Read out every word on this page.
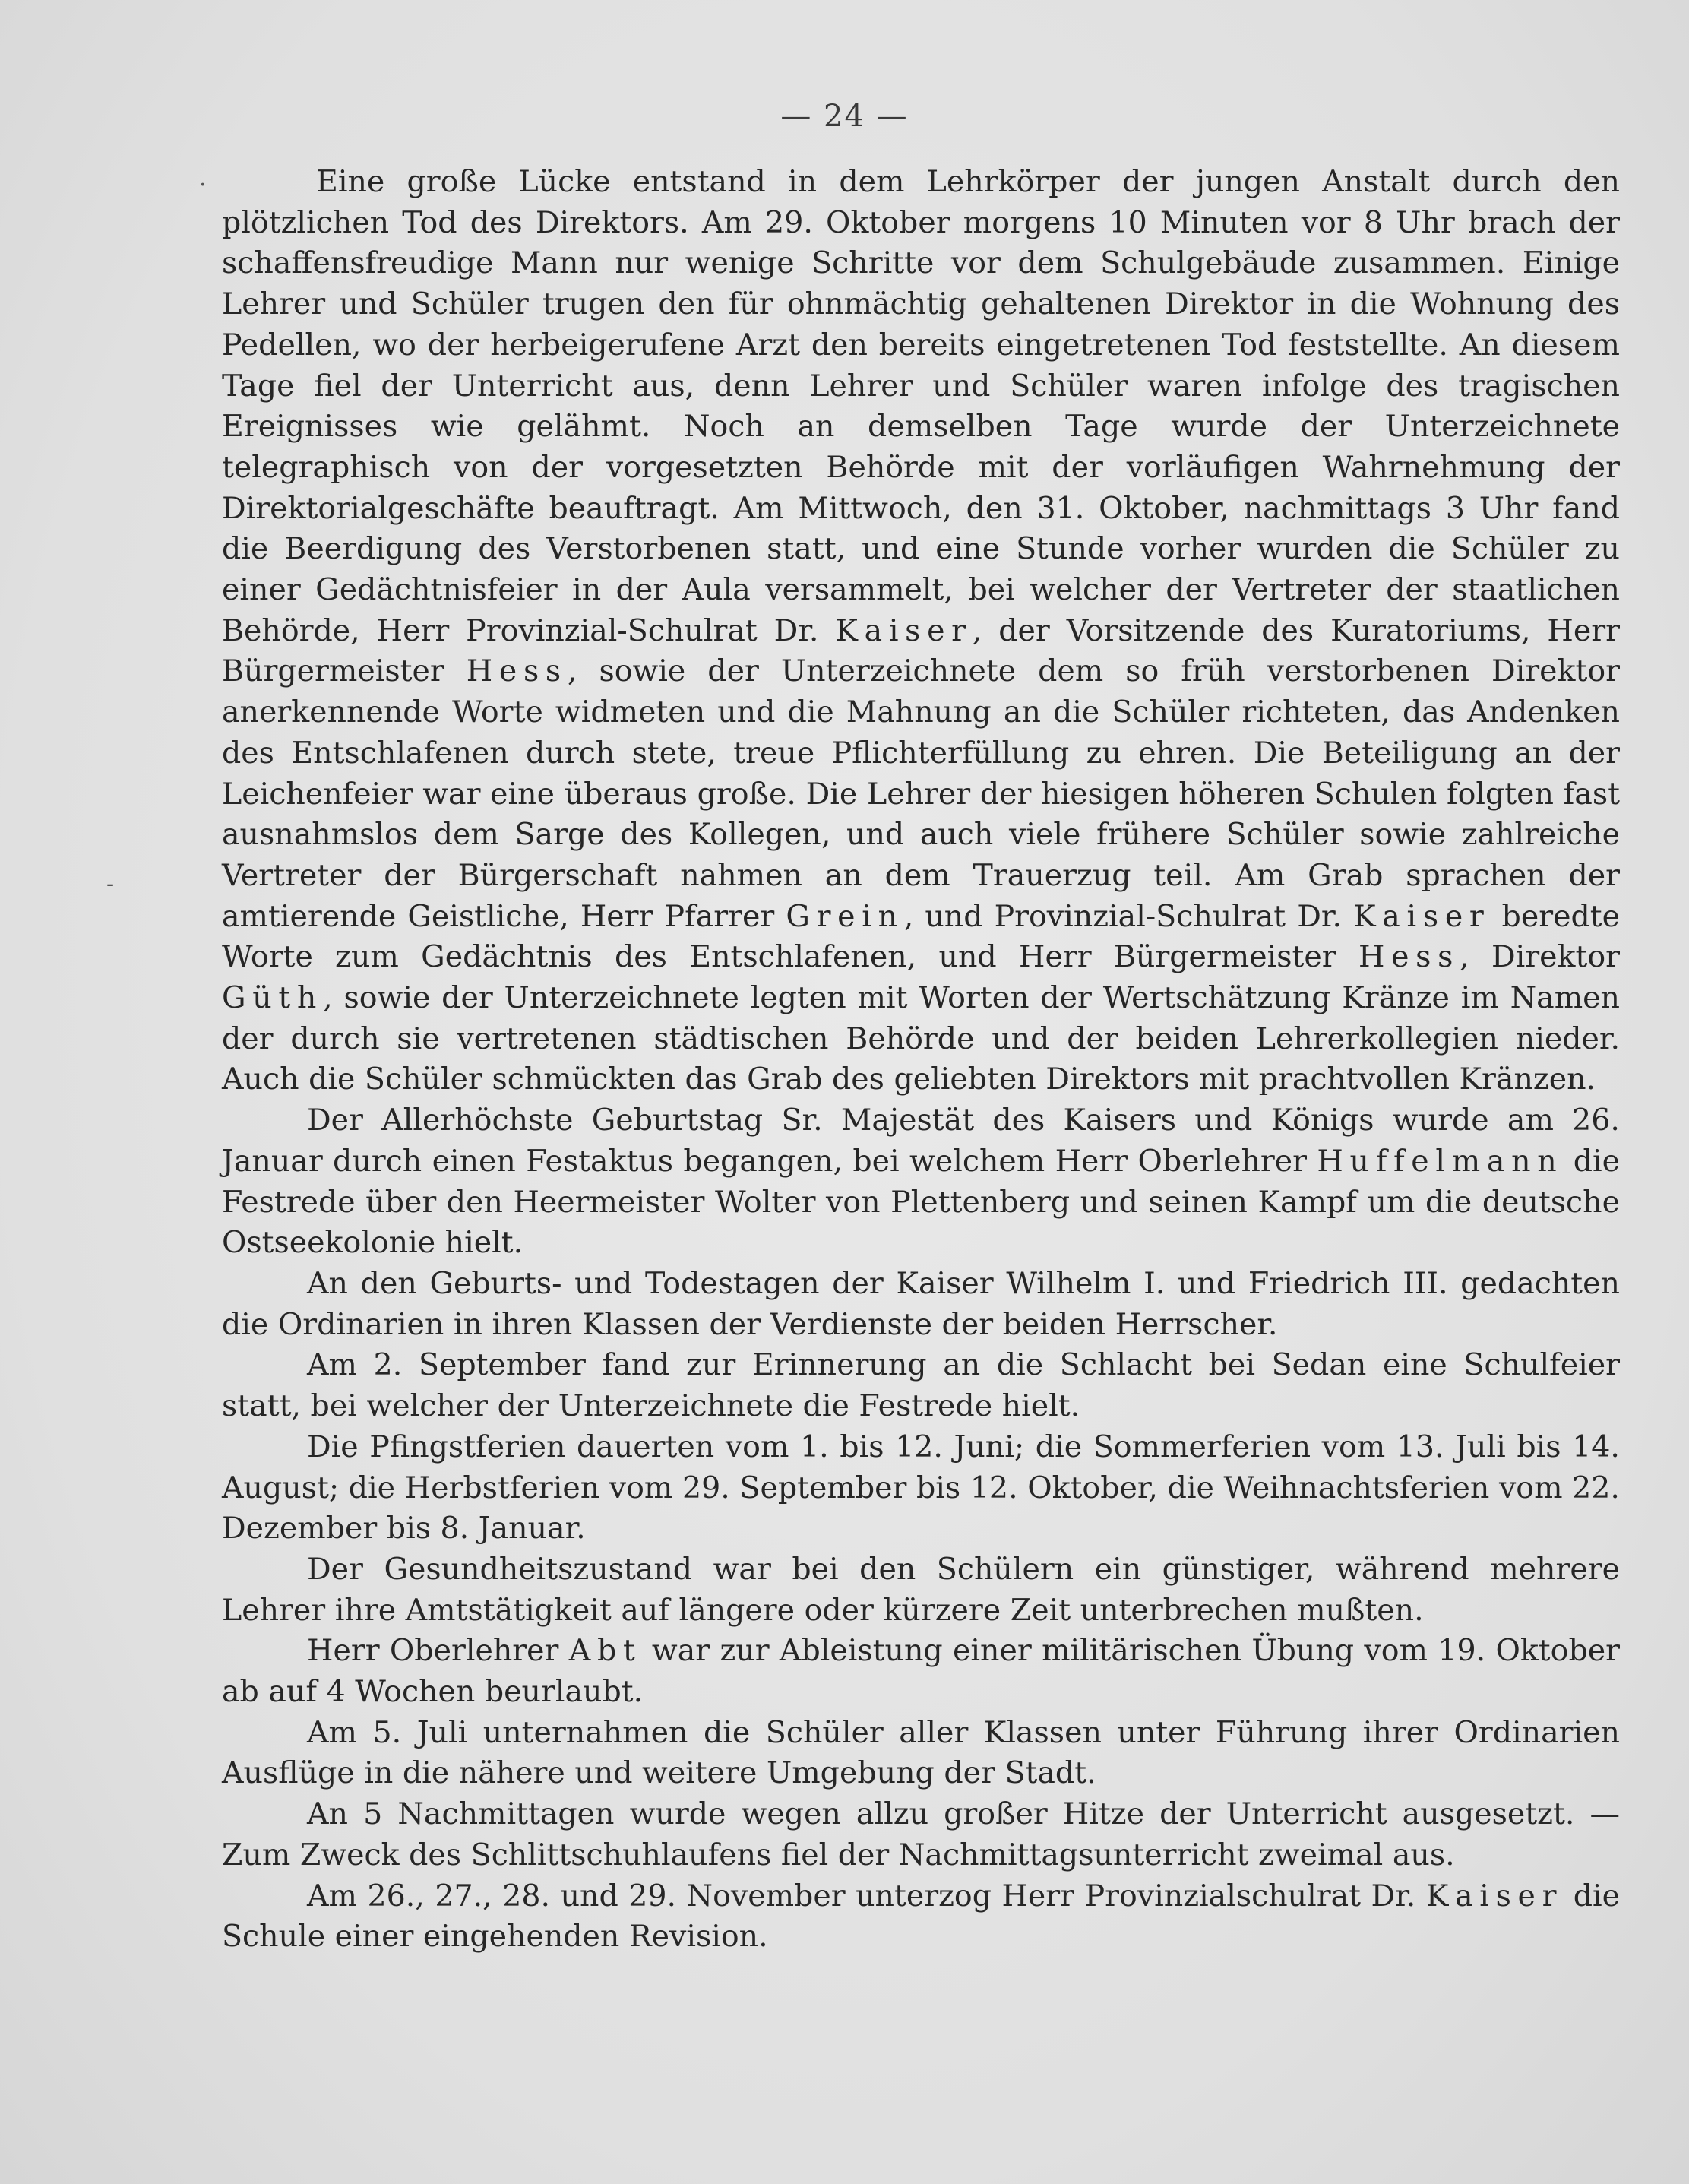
— 24 —
·
-

Eine große Lücke entstand in dem Lehrkörper der jungen Anstalt durch den plötzlichen Tod des Direktors. Am 29. Oktober morgens 10 Minuten vor 8 Uhr brach der schaffensfreudige Mann nur wenige Schritte vor dem Schulgebäude zusammen. Einige Lehrer und Schüler trugen den für ohnmächtig gehaltenen Direktor in die Wohnung des Pedellen, wo der herbeigerufene Arzt den bereits eingetretenen Tod feststellte. An diesem Tage fiel der Unterricht aus, denn Lehrer und Schüler waren infolge des tragischen Ereignisses wie gelähmt. Noch an demselben Tage wurde der Unterzeichnete telegraphisch von der vorgesetzten Behörde mit der vorläufigen Wahrnehmung der Direktorialgeschäfte beauftragt. Am Mittwoch, den 31. Oktober, nachmittags 3 Uhr fand die Beerdigung des Verstorbenen statt, und eine Stunde vorher wurden die Schüler zu einer Gedächtnisfeier in der Aula versammelt, bei welcher der Vertreter der staatlichen Behörde, Herr Provinzial-Schulrat Dr. Kaiser, der Vorsitzende des Kuratoriums, Herr Bürgermeister Hess, sowie der Unterzeichnete dem so früh verstorbenen Direktor anerkennende Worte widmeten und die Mahnung an die Schüler richteten, das Andenken des Entschlafenen durch stete, treue Pflichterfüllung zu ehren. Die Beteiligung an der Leichenfeier war eine überaus große. Die Lehrer der hiesigen höheren Schulen folgten fast ausnahmslos dem Sarge des Kollegen, und auch viele frühere Schüler sowie zahlreiche Vertreter der Bürgerschaft nahmen an dem Trauerzug teil. Am Grab sprachen der amtierende Geistliche, Herr Pfarrer Grein, und Provinzial-Schulrat Dr. Kaiser beredte Worte zum Gedächtnis des Entschlafenen, und Herr Bürgermeister Hess, Direktor Güth, sowie der Unterzeichnete legten mit Worten der Wertschätzung Kränze im Namen der durch sie vertretenen städtischen Behörde und der beiden Lehrerkollegien nieder. Auch die Schüler schmückten das Grab des geliebten Direktors mit prachtvollen Kränzen.

Der Allerhöchste Geburtstag Sr. Majestät des Kaisers und Königs wurde am 26. Januar durch einen Festaktus begangen, bei welchem Herr Oberlehrer Huffelmann die Festrede über den Heermeister Wolter von Plettenberg und seinen Kampf um die deutsche Ostseekolonie hielt.

An den Geburts- und Todestagen der Kaiser Wilhelm I. und Friedrich III. gedachten die Ordinarien in ihren Klassen der Verdienste der beiden Herrscher.

Am 2. September fand zur Erinnerung an die Schlacht bei Sedan eine Schulfeier statt, bei welcher der Unterzeichnete die Festrede hielt.

Die Pfingstferien dauerten vom 1. bis 12. Juni; die Sommerferien vom 13. Juli bis 14. August; die Herbstferien vom 29. September bis 12. Oktober, die Weihnachtsferien vom 22. Dezember bis 8. Januar.

Der Gesundheitszustand war bei den Schülern ein günstiger, während mehrere Lehrer ihre Amtstätigkeit auf längere oder kürzere Zeit unterbrechen mußten.

Herr Oberlehrer Abt war zur Ableistung einer militärischen Übung vom 19. Oktober ab auf 4 Wochen beurlaubt.

Am 5. Juli unternahmen die Schüler aller Klassen unter Führung ihrer Ordinarien Ausflüge in die nähere und weitere Umgebung der Stadt.

An 5 Nachmittagen wurde wegen allzu großer Hitze der Unterricht ausgesetzt. — Zum Zweck des Schlittschuhlaufens fiel der Nachmittagsunterricht zweimal aus.

Am 26., 27., 28. und 29. November unterzog Herr Provinzialschulrat Dr. Kaiser die Schule einer eingehenden Revision.
